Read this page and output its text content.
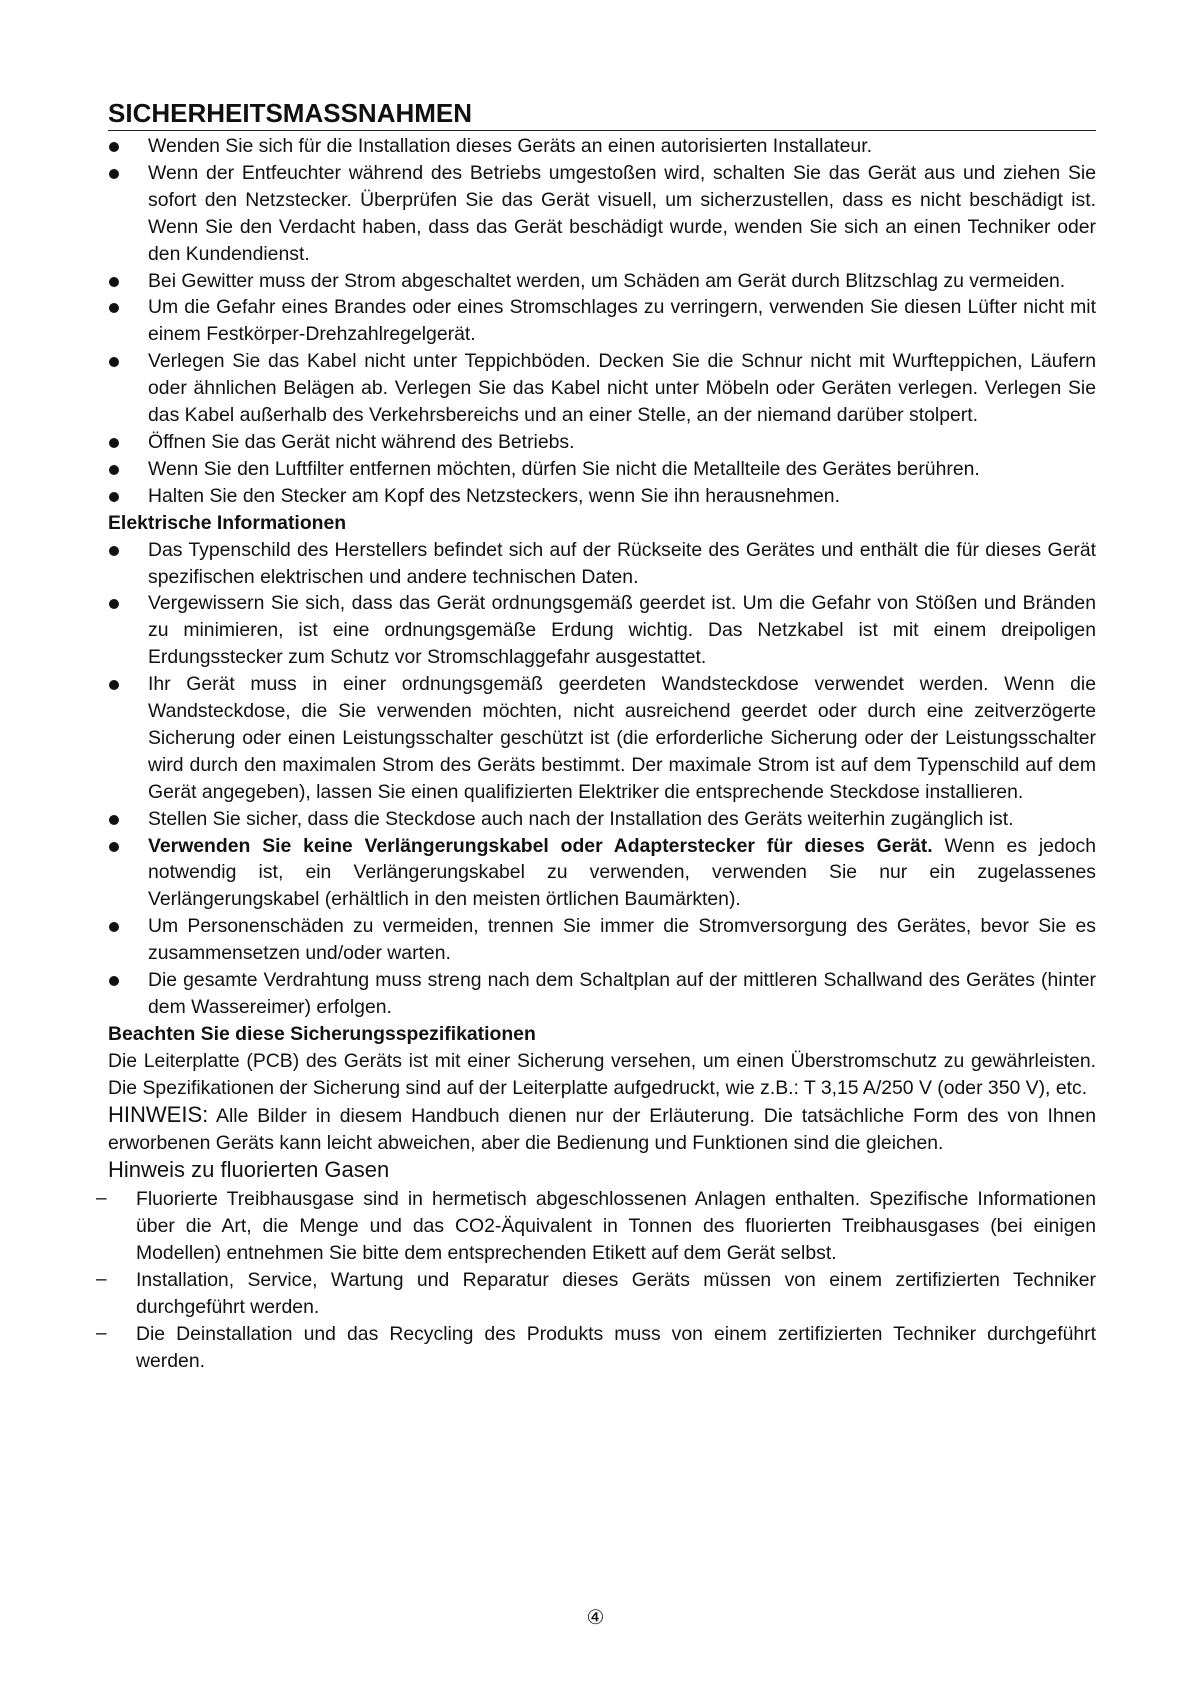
SICHERHEITSMASSNAHMEN
Wenden Sie sich für die Installation dieses Geräts an einen autorisierten Installateur.
Wenn der Entfeuchter während des Betriebs umgestoßen wird, schalten Sie das Gerät aus und ziehen Sie sofort den Netzstecker. Überprüfen Sie das Gerät visuell, um sicherzustellen, dass es nicht beschädigt ist. Wenn Sie den Verdacht haben, dass das Gerät beschädigt wurde, wenden Sie sich an einen Techniker oder den Kundendienst.
Bei Gewitter muss der Strom abgeschaltet werden, um Schäden am Gerät durch Blitzschlag zu vermeiden.
Um die Gefahr eines Brandes oder eines Stromschlages zu verringern, verwenden Sie diesen Lüfter nicht mit einem Festkörper-Drehzahlregelgerät.
Verlegen Sie das Kabel nicht unter Teppichböden. Decken Sie die Schnur nicht mit Wurfteppichen, Läufern oder ähnlichen Belägen ab. Verlegen Sie das Kabel nicht unter Möbeln oder Geräten verlegen. Verlegen Sie das Kabel außerhalb des Verkehrsbereichs und an einer Stelle, an der niemand darüber stolpert.
Öffnen Sie das Gerät nicht während des Betriebs.
Wenn Sie den Luftfilter entfernen möchten, dürfen Sie nicht die Metallteile des Gerätes berühren.
Halten Sie den Stecker am Kopf des Netzsteckers, wenn Sie ihn herausnehmen.
Elektrische Informationen
Das Typenschild des Herstellers befindet sich auf der Rückseite des Gerätes und enthält die für dieses Gerät spezifischen elektrischen und andere technischen Daten.
Vergewissern Sie sich, dass das Gerät ordnungsgemäß geerdet ist. Um die Gefahr von Stößen und Bränden zu minimieren, ist eine ordnungsgemäße Erdung wichtig. Das Netzkabel ist mit einem dreipoligen Erdungsstecker zum Schutz vor Stromschlaggefahr ausgestattet.
Ihr Gerät muss in einer ordnungsgemäß geerdeten Wandsteckdose verwendet werden. Wenn die Wandsteckdose, die Sie verwenden möchten, nicht ausreichend geerdet oder durch eine zeitverzögerte Sicherung oder einen Leistungsschalter geschützt ist (die erforderliche Sicherung oder der Leistungsschalter wird durch den maximalen Strom des Geräts bestimmt. Der maximale Strom ist auf dem Typenschild auf dem Gerät angegeben), lassen Sie einen qualifizierten Elektriker die entsprechende Steckdose installieren.
Stellen Sie sicher, dass die Steckdose auch nach der Installation des Geräts weiterhin zugänglich ist.
Verwenden Sie keine Verlängerungskabel oder Adapterstecker für dieses Gerät. Wenn es jedoch notwendig ist, ein Verlängerungskabel zu verwenden, verwenden Sie nur ein zugelassenes Verlängerungskabel (erhältlich in den meisten örtlichen Baumärkten).
Um Personenschäden zu vermeiden, trennen Sie immer die Stromversorgung des Gerätes, bevor Sie es zusammensetzen und/oder warten.
Die gesamte Verdrahtung muss streng nach dem Schaltplan auf der mittleren Schallwand des Gerätes (hinter dem Wassereimer) erfolgen.
Beachten Sie diese Sicherungsspezifikationen

Die Leiterplatte (PCB) des Geräts ist mit einer Sicherung versehen, um einen Überstromschutz zu gewährleisten. Die Spezifikationen der Sicherung sind auf der Leiterplatte aufgedruckt, wie z.B.: T 3,15 A/250 V (oder 350 V), etc.

HINWEIS: Alle Bilder in diesem Handbuch dienen nur der Erläuterung. Die tatsächliche Form des von Ihnen erworbenen Geräts kann leicht abweichen, aber die Bedienung und Funktionen sind die gleichen.

Hinweis zu fluorierten Gasen
– Fluorierte Treibhausgase sind in hermetisch abgeschlossenen Anlagen enthalten. Spezifische Informationen über die Art, die Menge und das CO2-Äquivalent in Tonnen des fluorierten Treibhausgases (bei einigen Modellen) entnehmen Sie bitte dem entsprechenden Etikett auf dem Gerät selbst.
– Installation, Service, Wartung und Reparatur dieses Geräts müssen von einem zertifizierten Techniker durchgeführt werden.
– Die Deinstallation und das Recycling des Produkts muss von einem zertifizierten Techniker durchgeführt werden.
④
